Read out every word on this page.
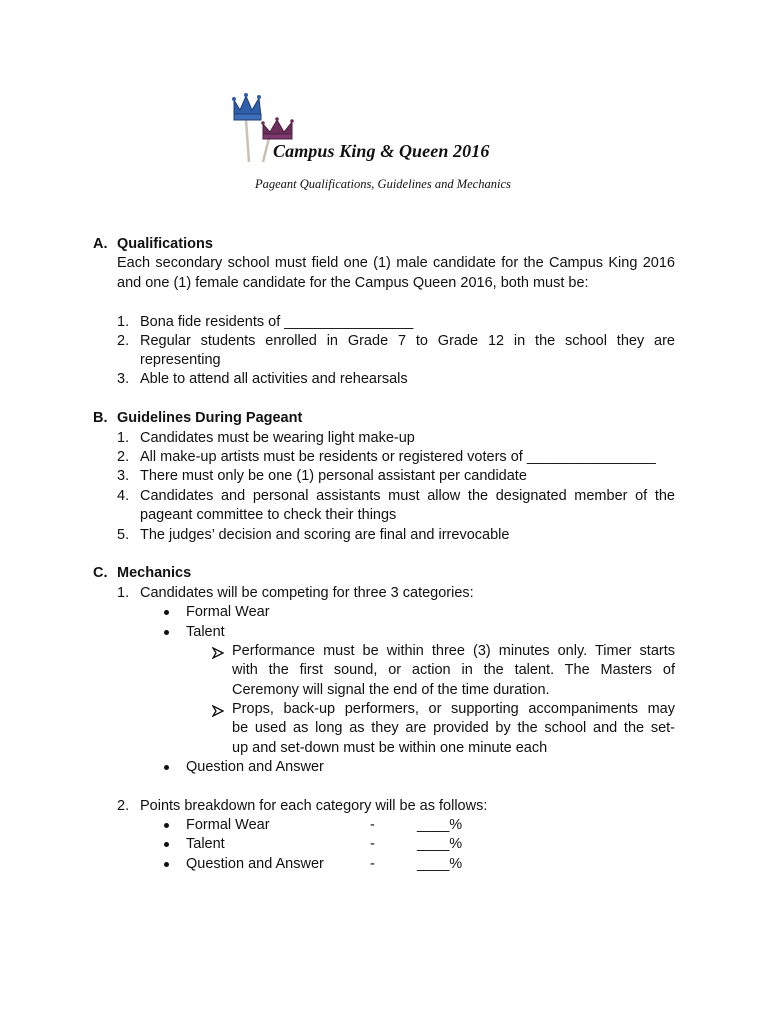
Campus King & Queen 2016
Pageant Qualifications, Guidelines and Mechanics
A. Qualifications
Each secondary school must field one (1) male candidate for the Campus King 2016
and one (1) female candidate for the Campus Queen 2016, both must be:
1. Bona fide residents of ________________
2. Regular students enrolled in Grade 7 to Grade 12 in the school they are
representing
3. Able to attend all activities and rehearsals
B. Guidelines During Pageant
1. Candidates must be wearing light make-up
2. All make-up artists must be residents or registered voters of ________________
3. There must only be one (1) personal assistant per candidate
4. Candidates and personal assistants must allow the designated member of the
pageant committee to check their things
5. The judges’ decision and scoring are final and irrevocable
C. Mechanics
1. Candidates will be competing for three 3 categories:
Formal Wear
Talent
Performance must be within three (3) minutes only. Timer starts
with the first sound, or action in the talent. The Masters of
Ceremony will signal the end of the time duration.
Props, back-up performers, or supporting accompaniments may
be used as long as they are provided by the school and the set-
up and set-down must be within one minute each
Question and Answer
2. Points breakdown for each category will be as follows:
Formal Wear	-	____%
Talent	-	____%
Question and Answer	-	____%
